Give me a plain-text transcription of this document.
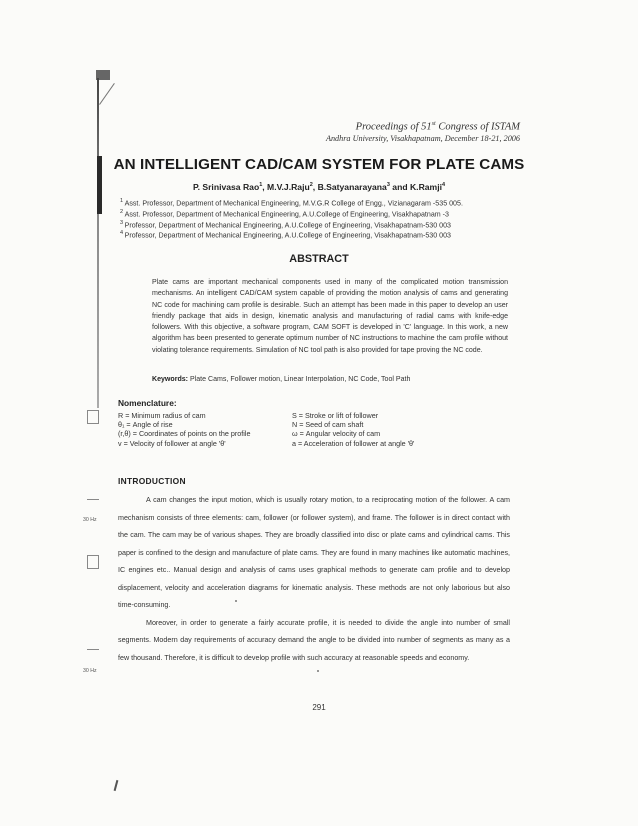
30 Hz
30 Hz
Proceedings of 51st Congress of ISTAM
Andhra University, Visakhapatnam, December 18-21, 2006
AN INTELLIGENT CAD/CAM SYSTEM FOR PLATE CAMS
P. Srinivasa Rao$^1$, M.V.J.Raju$^2$, B.Satyanarayana$^3$ and K.Ramji$^4$
$^1$ Asst. Professor, Department of Mechanical Engineering, M.V.G.R College of Engg., Vizianagaram -535 005.
$^2$ Asst. Professor, Department of Mechanical Engineering, A.U.College of Engineering, Visakhapatnam -3
$^3$ Professor, Department of Mechanical Engineering, A.U.College of Engineering, Visakhapatnam-530 003
$^4$ Professor, Department of Mechanical Engineering, A.U.College of Engineering, Visakhapatnam-530 003
ABSTRACT
Plate cams are important mechanical components used in many of the complicated motion transmission mechanisms. An intelligent CAD/CAM system capable of providing the motion analysis of cams and generating NC code for machining cam profile is desirable. Such an attempt has been made in this paper to develop an user friendly package that aids in design, kinematic analysis and manufacturing of radial cams with knife-edge followers. With this objective, a software program, CAM SOFT is developed in 'C' language. In this work, a new algorithm has been presented to generate optimum number of NC instructions to machine the cam profile without violating tolerance requirements. Simulation of NC tool path is also provided for tape proving the NC code.
Keywords: Plate Cams, Follower motion, Linear Interpolation, NC Code, Tool Path
Nomenclature:
R = Minimum radius of cam
θ₁ = Angle of rise
(r,θ) = Coordinates of points on the profile
v = Velocity of follower at angle 'θ'
S = Stroke or lift of follower
N = Seed of cam shaft
ω = Angular velocity of cam
a = Acceleration of follower at angle 'θ'
INTRODUCTION

A cam changes the input motion, which is usually rotary motion, to a reciprocating motion of the follower. A cam mechanism consists of three elements: cam, follower (or follower system), and frame. The follower is in direct contact with the cam. The cam may be of various shapes. They are broadly classified into disc or plate cams and cylindrical cams. This paper is confined to the design and manufacture of plate cams. They are found in many machines like automatic machines, IC engines etc.. Manual design and analysis of cams uses graphical methods to generate cam profile and to develop displacement, velocity and acceleration diagrams for kinematic analysis. These methods are not only laborious but also time-consuming.

Moreover, in order to generate a fairly accurate profile, it is needed to divide the angle into number of small segments. Modern day requirements of accuracy demand the angle to be divided into number of segments as many as a few thousand. Therefore, it is difficult to develop profile with such accuracy at reasonable speeds and economy.

291
